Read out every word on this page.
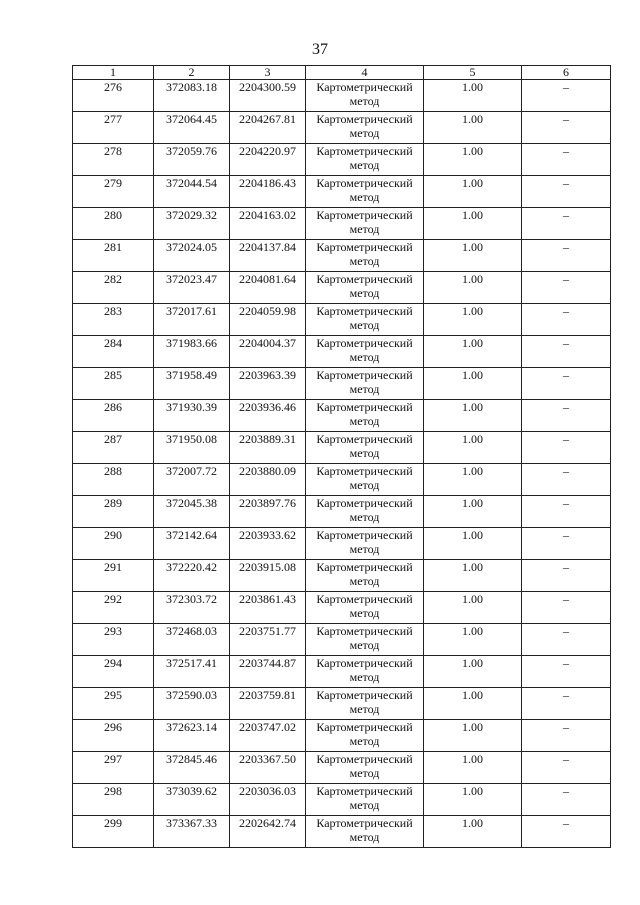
37
1	2	3	4	5	6
276	372083.18	2204300.59	Картометрический метод	1.00	–
277	372064.45	2204267.81	Картометрический метод	1.00	–
278	372059.76	2204220.97	Картометрический метод	1.00	–
279	372044.54	2204186.43	Картометрический метод	1.00	–
280	372029.32	2204163.02	Картометрический метод	1.00	–
281	372024.05	2204137.84	Картометрический метод	1.00	–
282	372023.47	2204081.64	Картометрический метод	1.00	–
283	372017.61	2204059.98	Картометрический метод	1.00	–
284	371983.66	2204004.37	Картометрический метод	1.00	–
285	371958.49	2203963.39	Картометрический метод	1.00	–
286	371930.39	2203936.46	Картометрический метод	1.00	–
287	371950.08	2203889.31	Картометрический метод	1.00	–
288	372007.72	2203880.09	Картометрический метод	1.00	–
289	372045.38	2203897.76	Картометрический метод	1.00	–
290	372142.64	2203933.62	Картометрический метод	1.00	–
291	372220.42	2203915.08	Картометрический метод	1.00	–
292	372303.72	2203861.43	Картометрический метод	1.00	–
293	372468.03	2203751.77	Картометрический метод	1.00	–
294	372517.41	2203744.87	Картометрический метод	1.00	–
295	372590.03	2203759.81	Картометрический метод	1.00	–
296	372623.14	2203747.02	Картометрический метод	1.00	–
297	372845.46	2203367.50	Картометрический метод	1.00	–
298	373039.62	2203036.03	Картометрический метод	1.00	–
299	373367.33	2202642.74	Картометрический метод	1.00	–
